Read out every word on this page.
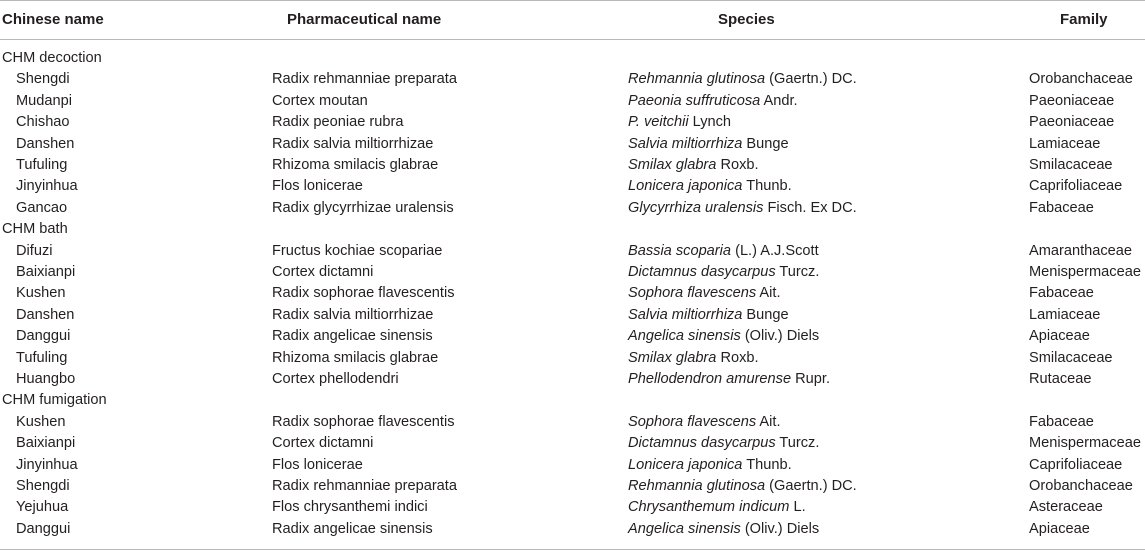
Chinese name	Pharmaceutical name	Species	Family
CHM decoction
Shengdi	Radix rehmanniae preparata	Rehmannia glutinosa (Gaertn.) DC.	Orobanchaceae
Mudanpi	Cortex moutan	Paeonia suffruticosa Andr.	Paeoniaceae
Chishao	Radix peoniae rubra	P. veitchii Lynch	Paeoniaceae
Danshen	Radix salvia miltiorrhizae	Salvia miltiorrhiza Bunge	Lamiaceae
Tufuling	Rhizoma smilacis glabrae	Smilax glabra Roxb.	Smilacaceae
Jinyinhua	Flos lonicerae	Lonicera japonica Thunb.	Caprifoliaceae
Gancao	Radix glycyrrhizae uralensis	Glycyrrhiza uralensis Fisch. Ex DC.	Fabaceae
CHM bath
Difuzi	Fructus kochiae scopariae	Bassia scoparia (L.) A.J.Scott	Amaranthaceae
Baixianpi	Cortex dictamni	Dictamnus dasycarpus Turcz.	Menispermaceae
Kushen	Radix sophorae flavescentis	Sophora flavescens Ait.	Fabaceae
Danshen	Radix salvia miltiorrhizae	Salvia miltiorrhiza Bunge	Lamiaceae
Danggui	Radix angelicae sinensis	Angelica sinensis (Oliv.) Diels	Apiaceae
Tufuling	Rhizoma smilacis glabrae	Smilax glabra Roxb.	Smilacaceae
Huangbo	Cortex phellodendri	Phellodendron amurense Rupr.	Rutaceae
CHM fumigation
Kushen	Radix sophorae flavescentis	Sophora flavescens Ait.	Fabaceae
Baixianpi	Cortex dictamni	Dictamnus dasycarpus Turcz.	Menispermaceae
Jinyinhua	Flos lonicerae	Lonicera japonica Thunb.	Caprifoliaceae
Shengdi	Radix rehmanniae preparata	Rehmannia glutinosa (Gaertn.) DC.	Orobanchaceae
Yejuhua	Flos chrysanthemi indici	Chrysanthemum indicum L.	Asteraceae
Danggui	Radix angelicae sinensis	Angelica sinensis (Oliv.) Diels	Apiaceae
